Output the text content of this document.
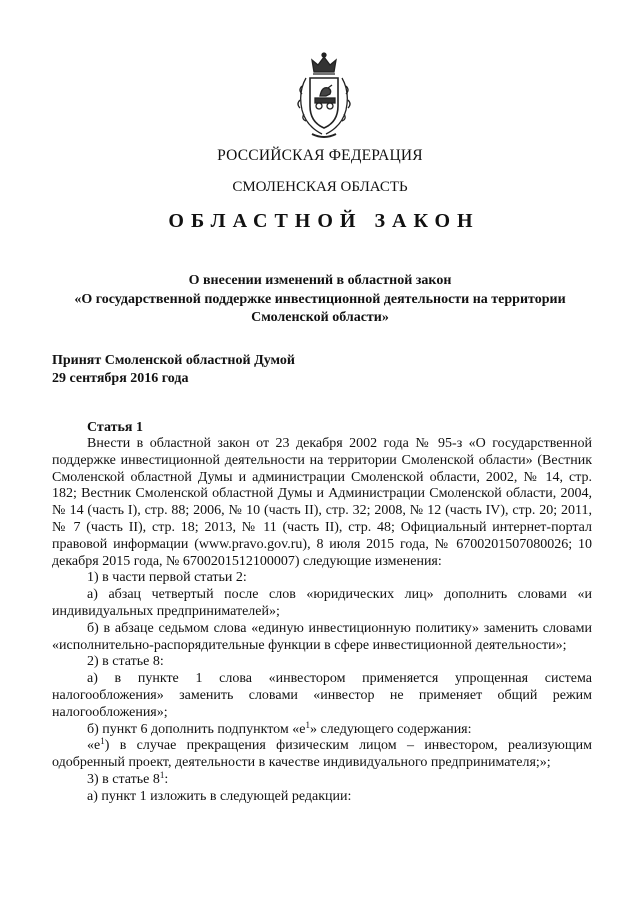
РОССИЙСКАЯ ФЕДЕРАЦИЯ
СМОЛЕНСКАЯ ОБЛАСТЬ
ОБЛАСТНОЙ ЗАКОН
О внесении изменений в областной закон
«О государственной поддержке инвестиционной деятельности на территории
Смоленской области»
Принят Смоленской областной Думой
29 сентября 2016 года
Статья 1

Внести в областной закон от 23 декабря 2002 года № 95-з «О государственной поддержке инвестиционной деятельности на территории Смоленской области» (Вестник Смоленской областной Думы и администрации Смоленской области, 2002, № 14, стр. 182; Вестник Смоленской областной Думы и Администрации Смоленской области, 2004, № 14 (часть I), стр. 88; 2006, № 10 (часть II), стр. 32; 2008, № 12 (часть IV), стр. 20; 2011, № 7 (часть II), стр. 18; 2013, № 11 (часть II), стр. 48; Официальный интернет-портал правовой информации (www.pravo.gov.ru), 8 июля 2015 года, № 6700201507080026; 10 декабря 2015 года, № 6700201512100007) следующие изменения:

1) в части первой статьи 2:

а) абзац четвертый после слов «юридических лиц» дополнить словами «и индивидуальных предпринимателей»;

б) в абзаце седьмом слова «единую инвестиционную политику» заменить словами «исполнительно-распорядительные функции в сфере инвестиционной деятельности»;

2) в статье 8:

а) в пункте 1 слова «инвестором применяется упрощенная система налогообложения» заменить словами «инвестор не применяет общий режим налогообложения»;

б) пункт 6 дополнить подпунктом «$е^1$» следующего содержания:

«$е^1$) в случае прекращения физическим лицом – инвестором, реализующим одобренный проект, деятельности в качестве индивидуального предпринимателя;»;

3) в статье $8^1$:

а) пункт 1 изложить в следующей редакции:
